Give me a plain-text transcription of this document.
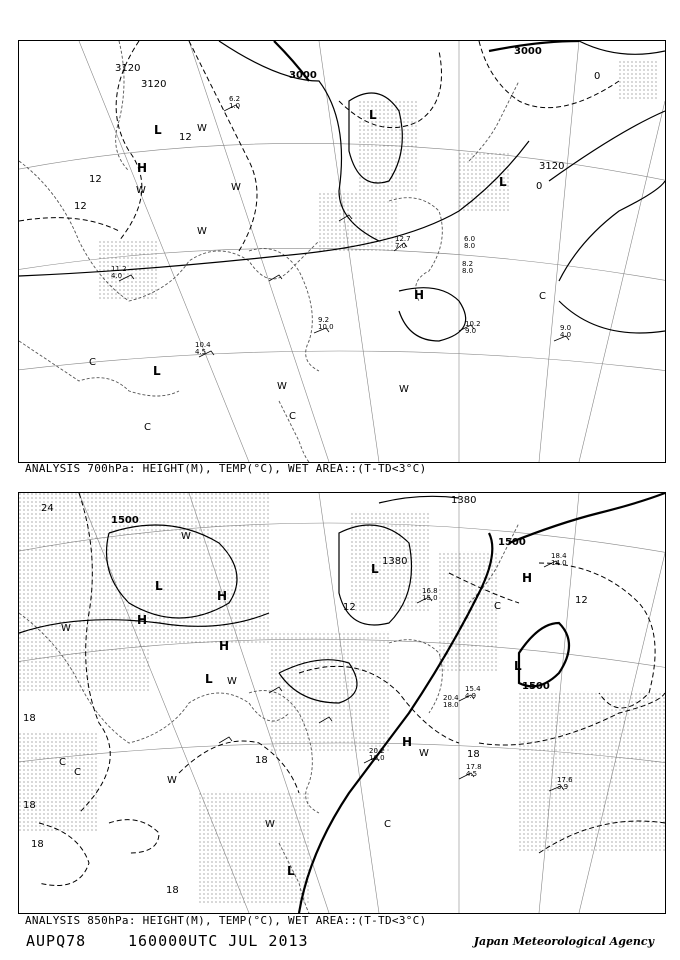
3000
3120
3120
3000
3120
12
12
12
0
0
L
H
L
H
L
L
W
W	W
W
C
C
C
W	W
C
11.2
4.0
10.2
9.0
12.7
7.0
9.0
4.0
6.0
8.0
8.2
8.0
6.2
1.0
9.2
10.0
10.4
4.5
ANALYSIS 700hPa: HEIGHT(M), TEMP(°C), WET AREA::(T-TD<3°C)
1500
1500
1500
1380
1380
24
12
12
18
18
18
18
18
18
L
H
H
L
L
L
H
H
H
L
W
W
W
W
W	C
C
W
C
C	17.8
4.5
17.6
3.9
20.2
10.0
16.8
15.0
15.4
4.9
18.4
14.0
20.4
18.0
ANALYSIS 850hPa: HEIGHT(M), TEMP(°C), WET AREA::(T-TD<3°C)
AUPQ78	160000UTC JUL 2013	Japan Meteorological Agency
